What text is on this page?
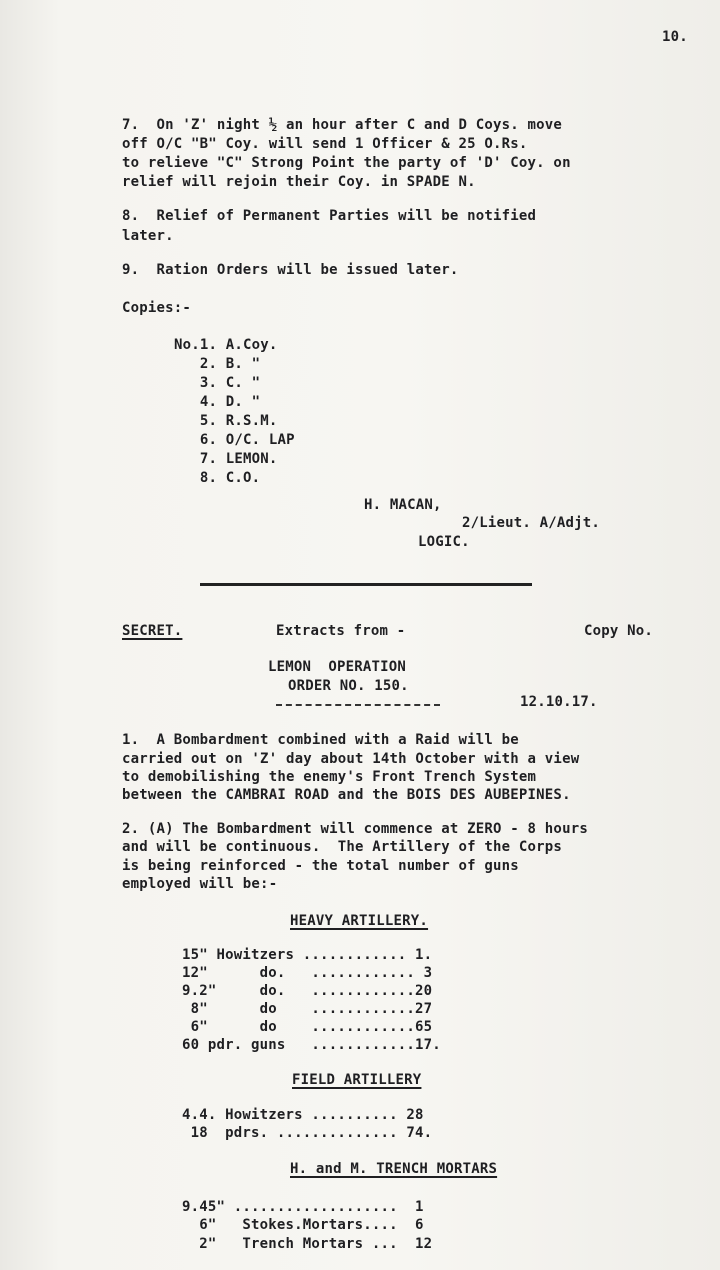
10.
7.  On 'Z' night ½ an hour after C and D Coys. move
off O/C "B" Coy. will send 1 Officer & 25 O.Rs.
to relieve "C" Strong Point the party of 'D' Coy. on
relief will rejoin their Coy. in SPADE N.
8.  Relief of Permanent Parties will be notified
later.
9.  Ration Orders will be issued later.
Copies:-
No.1. A.Coy.
2. B. "
3. C. "
4. D. "
5. R.S.M.
6. O/C. LAP
7. LEMON.
8. C.O.
H. MACAN,
2/Lieut. A/Adjt.
LOGIC.
SECRET.	Extracts from -	Copy No.
LEMON  OPERATION
ORDER NO. 150.
12.10.17.
1.  A Bombardment combined with a Raid will be
carried out on 'Z' day about 14th October with a view
to demobilishing the enemy's Front Trench System
between the CAMBRAI ROAD and the BOIS DES AUBEPINES.
2. (A) The Bombardment will commence at ZERO - 8 hours
and will be continuous.  The Artillery of the Corps
is being reinforced - the total number of guns
employed will be:-
HEAVY ARTILLERY.
15" Howitzers ............ 1.
12"      do.   ............ 3
9.2"     do.   ............20
8"      do    ............27
6"      do    ............65
60 pdr. guns   ............17.
FIELD ARTILLERY
4.4. Howitzers .......... 28
18  pdrs. .............. 74.
H. and M. TRENCH MORTARS
9.45" ...................  1
6"   Stokes.Mortars....  6
2"   Trench Mortars ...  12
